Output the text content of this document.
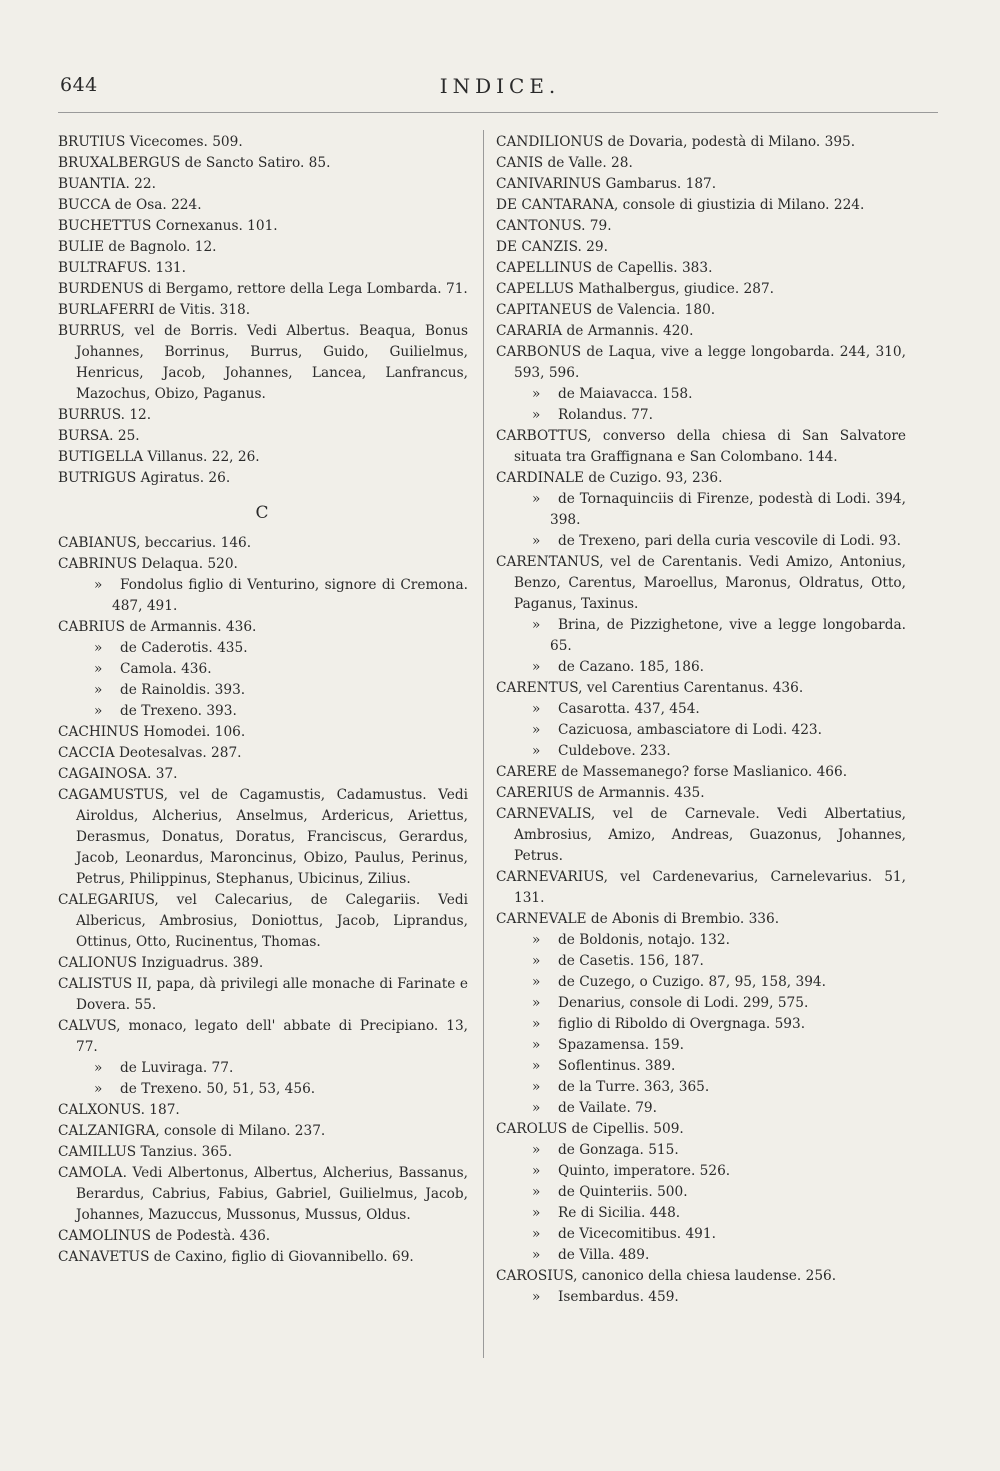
644	INDICE.
BRUTIUS Vicecomes. 509.
BRUXALBERGUS de Sancto Satiro. 85.
BUANTIA. 22.
BUCCA de Osa. 224.
BUCHETTUS Cornexanus. 101.
BULIE de Bagnolo. 12.
BULTRAFUS. 131.
BURDENUS di Bergamo, rettore della Lega Lombarda. 71.
BURLAFERRI de Vitis. 318.
BURRUS, vel de Borris. Vedi Albertus. Beaqua, Bonus Johannes, Borrinus, Burrus, Guido, Guilielmus, Henricus, Jacob, Johannes, Lancea, Lanfrancus, Mazochus, Obizo, Paganus.
BURRUS. 12.
BURSA. 25.
BUTIGELLA Villanus. 22, 26.
BUTRIGUS Agiratus. 26.
C
CABIANUS, beccarius. 146.
CABRINUS Delaqua. 520.
» Fondolus figlio di Venturino, signore di Cremona. 487, 491.
CABRIUS de Armannis. 436.
» de Caderotis. 435.
» Camola. 436.
» de Rainoldis. 393.
» de Trexeno. 393.
CACHINUS Homodei. 106.
CACCIA Deotesalvas. 287.
CAGAINOSA. 37.
CAGAMUSTUS, vel de Cagamustis, Cadamustus. Vedi Airoldus, Alcherius, Anselmus, Ardericus, Ariettus, Derasmus, Donatus, Doratus, Franciscus, Gerardus, Jacob, Leonardus, Maroncinus, Obizo, Paulus, Perinus, Petrus, Philippinus, Stephanus, Ubicinus, Zilius.
CALEGARIUS, vel Calecarius, de Calegariis. Vedi Albericus, Ambrosius, Doniottus, Jacob, Liprandus, Ottinus, Otto, Rucinentus, Thomas.
CALIONUS Inziguadrus. 389.
CALISTUS II, papa, dà privilegi alle monache di Farinate e Dovera. 55.
CALVUS, monaco, legato dell' abbate di Precipiano. 13, 77.
» de Luviraga. 77.
» de Trexeno. 50, 51, 53, 456.
CALXONUS. 187.
CALZANIGRA, console di Milano. 237.
CAMILLUS Tanzius. 365.
CAMOLA. Vedi Albertonus, Albertus, Alcherius, Bassanus, Berardus, Cabrius, Fabius, Gabriel, Guilielmus, Jacob, Johannes, Mazuccus, Mussonus, Mussus, Oldus.
CAMOLINUS de Podestà. 436.
CANAVETUS de Caxino, figlio di Giovannibello. 69.
CANDILIONUS de Dovaria, podestà di Milano. 395.
CANIS de Valle. 28.
CANIVARINUS Gambarus. 187.
DE CANTARANA, console di giustizia di Milano. 224.
CANTONUS. 79.
DE CANZIS. 29.
CAPELLINUS de Capellis. 383.
CAPELLUS Mathalbergus, giudice. 287.
CAPITANEUS de Valencia. 180.
CARARIA de Armannis. 420.
CARBONUS de Laqua, vive a legge longobarda. 244, 310, 593, 596.
» de Maiavacca. 158.
» Rolandus. 77.
CARBOTTUS, converso della chiesa di San Salvatore situata tra Graffignana e San Colombano. 144.
CARDINALE de Cuzigo. 93, 236.
» de Tornaquinciis di Firenze, podestà di Lodi. 394, 398.
» de Trexeno, pari della curia vescovile di Lodi. 93.
CARENTANUS, vel de Carentanis. Vedi Amizo, Antonius, Benzo, Carentus, Maroellus, Maronus, Oldratus, Otto, Paganus, Taxinus.
» Brina, de Pizzighetone, vive a legge longobarda. 65.
» de Cazano. 185, 186.
CARENTUS, vel Carentius Carentanus. 436.
» Casarotta. 437, 454.
» Cazicuosa, ambasciatore di Lodi. 423.
» Culdebove. 233.
CARERE de Massemanego? forse Maslianico. 466.
CARERIUS de Armannis. 435.
CARNEVALIS, vel de Carnevale. Vedi Albertatius, Ambrosius, Amizo, Andreas, Guazonus, Johannes, Petrus.
CARNEVARIUS, vel Cardenevarius, Carnelevarius. 51, 131.
CARNEVALE de Abonis di Brembio. 336.
» de Boldonis, notajo. 132.
» de Casetis. 156, 187.
» de Cuzego, o Cuzigo. 87, 95, 158, 394.
» Denarius, console di Lodi. 299, 575.
» figlio di Riboldo di Overgnaga. 593.
» Spazamensa. 159.
» Soflentinus. 389.
» de la Turre. 363, 365.
» de Vailate. 79.
CAROLUS de Cipellis. 509.
» de Gonzaga. 515.
» Quinto, imperatore. 526.
» de Quinteriis. 500.
» Re di Sicilia. 448.
» de Vicecomitibus. 491.
» de Villa. 489.
CAROSIUS, canonico della chiesa laudense. 256.
» Isembardus. 459.
